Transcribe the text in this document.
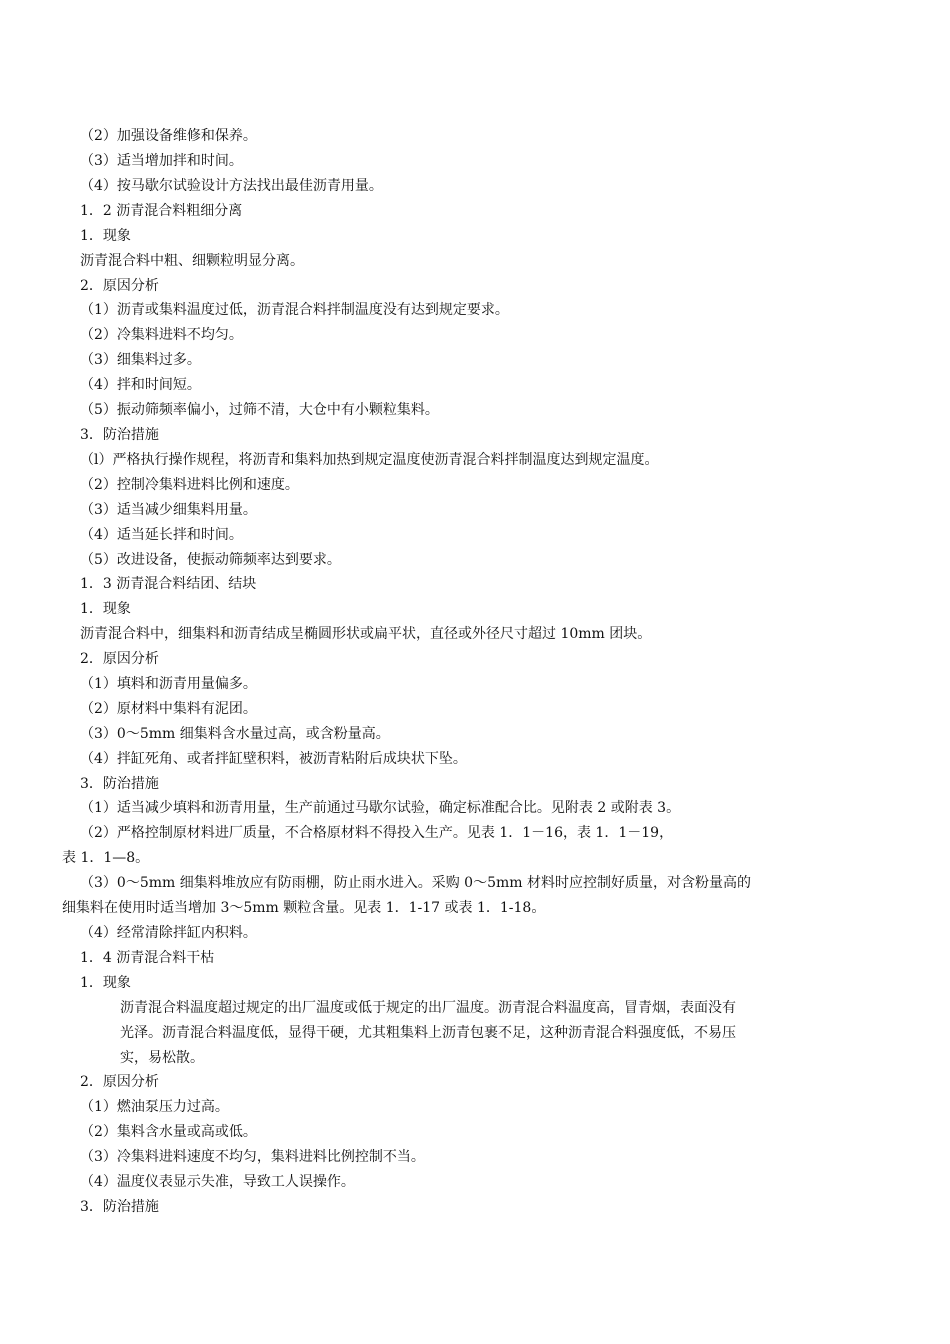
（2）加强设备维修和保养。
（3）适当增加拌和时间。
（4）按马歇尔试验设计方法找出最佳沥青用量。
1．2 沥青混合料粗细分离
1．现象
沥青混合料中粗、细颗粒明显分离。
2．原因分析
（1）沥青或集料温度过低，沥青混合料拌制温度没有达到规定要求。
（2）冷集料进料不均匀。
（3）细集料过多。
（4）拌和时间短。
（5）振动筛频率偏小，过筛不清，大仓中有小颗粒集料。
3．防治措施
（l）严格执行操作规程，将沥青和集料加热到规定温度使沥青混合料拌制温度达到规定温度。
（2）控制冷集料进料比例和速度。
（3）适当减少细集料用量。
（4）适当延长拌和时间。
（5）改进设备，使振动筛频率达到要求。
1．3 沥青混合料结团、结块
1．现象
沥青混合料中，细集料和沥青结成呈椭圆形状或扁平状，直径或外径尺寸超过 10mm 团块。
2．原因分析
（1）填料和沥青用量偏多。
（2）原材料中集料有泥团。
（3）0～5mm 细集料含水量过高，或含粉量高。
（4）拌缸死角、或者拌缸壁积料，被沥青粘附后成块状下坠。
3．防治措施
（1）适当减少填料和沥青用量，生产前通过马歇尔试验，确定标准配合比。见附表 2 或附表 3。
（2）严格控制原材料进厂质量，不合格原材料不得投入生产。见表 1．1－16，表 1．1－19，
表 1．1—8。
（3）0～5mm 细集料堆放应有防雨棚，防止雨水进入。采购 0～5mm 材料时应控制好质量，对含粉量高的
细集料在使用时适当增加 3～5mm 颗粒含量。见表 1．1-17 或表 1．1-18。
（4）经常清除拌缸内积料。
1．4 沥青混合料干枯
1．现象
沥青混合料温度超过规定的出厂温度或低于规定的出厂温度。沥青混合料温度高，冒青烟，表面没有
光泽。沥青混合料温度低，显得干硬，尤其粗集料上沥青包裹不足，这种沥青混合料强度低，不易压
实，易松散。
2．原因分析
（1）燃油泵压力过高。
（2）集料含水量或高或低。
（3）冷集料进料速度不均匀，集料进料比例控制不当。
（4）温度仪表显示失准，导致工人误操作。
3．防治措施
